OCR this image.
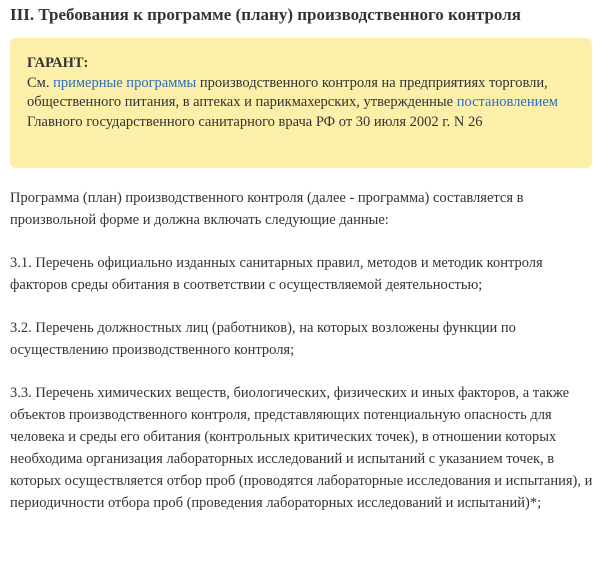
III. Требования к программе (плану) производственного контроля
ГАРАНТ:
См. примерные программы производственного контроля на предприятиях торговли, общественного питания, в аптеках и парикмахерских, утвержденные постановлением Главного государственного санитарного врача РФ от 30 июля 2002 г. N 26

Программа (план) производственного контроля (далее - программа) составляется в произвольной форме и должна включать следующие данные:

3.1. Перечень официально изданных санитарных правил, методов и методик контроля факторов среды обитания в соответствии с осуществляемой деятельностью;

3.2. Перечень должностных лиц (работников), на которых возложены функции по осуществлению производственного контроля;

3.3. Перечень химических веществ, биологических, физических и иных факторов, а также объектов производственного контроля, представляющих потенциальную опасность для человека и среды его обитания (контрольных критических точек), в отношении которых необходима организация лабораторных исследований и испытаний с указанием точек, в которых осуществляется отбор проб (проводятся лабораторные исследования и испытания), и периодичности отбора проб (проведения лабораторных исследований и испытаний)*;
